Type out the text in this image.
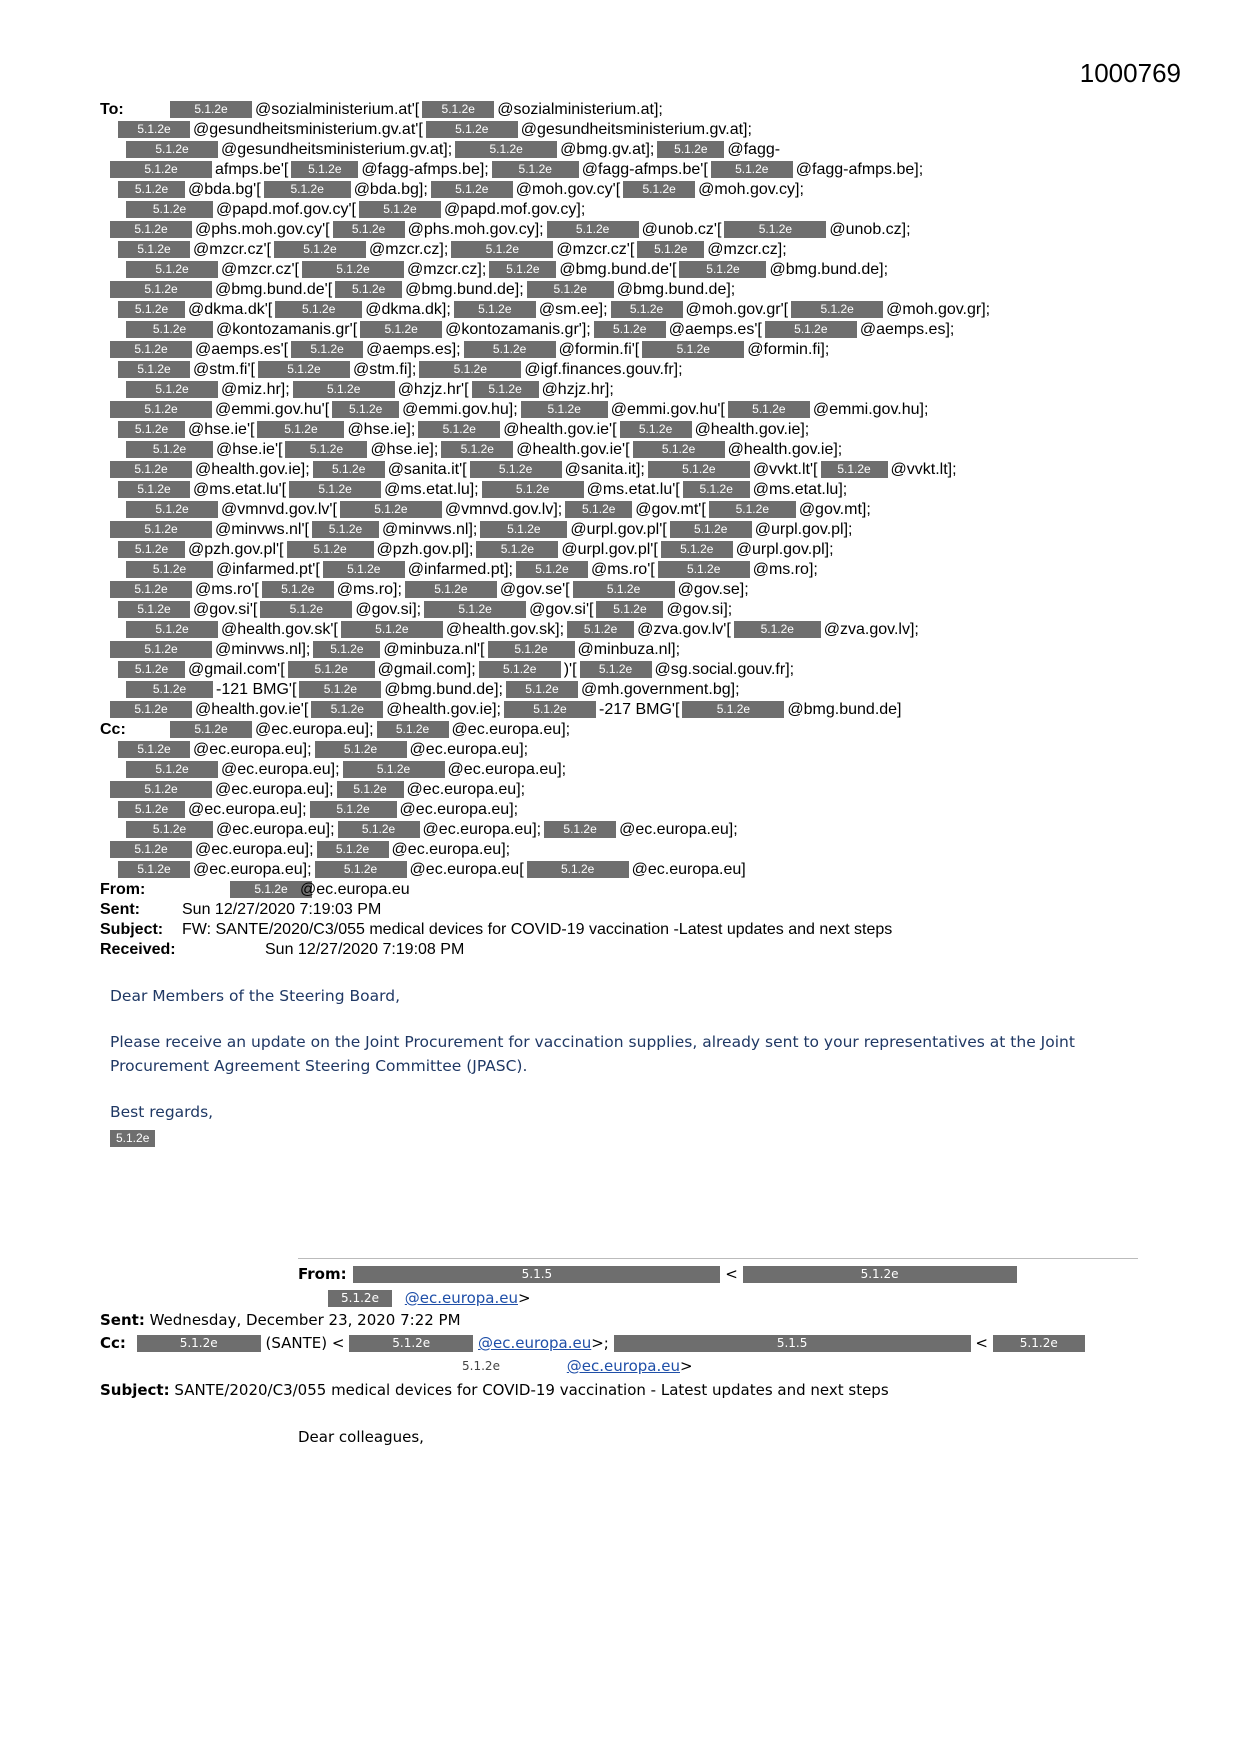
1000769
To:	5.1.2e @sozialministerium.at'[ 5.1.2e @sozialministerium.at];
5.1.2e @gesundheitsministerium.gv.at'[	5.1.2e @gesundheitsministerium.gv.at];
5.1.2e @gesundheitsministerium.gv.at];	5.1.2e @bmg.gv.at]; 5.1.2e @fagg-
5.1.2e afmps.be'[ 5.1.2e @fagg-afmps.be]; 5.1.2e @fagg-afmps.be'[ 5.1.2e @fagg-afmps.be];
5.1.2e @bda.bg'[ 5.1.2e @bda.bg]; 5.1.2e @moh.gov.cy'[ 5.1.2e @moh.gov.cy];
5.1.2e @papd.mof.gov.cy'[ 5.1.2e @papd.mof.gov.cy];
5.1.2e @phs.moh.gov.cy'[ 5.1.2e @phs.moh.gov.cy];	5.1.2e @unob.cz'[	5.1.2e @unob.cz];
5.1.2e @mzcr.cz'[	5.1.2e @mzcr.cz];	5.1.2e @mzcr.cz'[ 5.1.2e @mzcr.cz];
5.1.2e @mzcr.cz'[	5.1.2e @mzcr.cz]; 5.1.2e @bmg.bund.de'[ 5.1.2e @bmg.bund.de];
5.1.2e @bmg.bund.de'[ 5.1.2e @bmg.bund.de]; 5.1.2e @bmg.bund.de];
5.1.2e @dkma.dk'[ 5.1.2e @dkma.dk]; 5.1.2e @sm.ee]; 5.1.2e @moh.gov.gr'[	5.1.2e @moh.gov.gr];
5.1.2e @kontozamanis.gr'[ 5.1.2e @kontozamanis.gr']; 5.1.2e @aemps.es'[	5.1.2e @aemps.es];
5.1.2e @aemps.es'[ 5.1.2e @aemps.es];	5.1.2e @formin.fi'[	5.1.2e @formin.fi];
5.1.2e @stm.fi'[	5.1.2e @stm.fi];	5.1.2e @igf.finances.gouv.fr];
5.1.2e @miz.hr];	5.1.2e @hzjz.hr'[ 5.1.2e @hzjz.hr];
5.1.2e @emmi.gov.hu'[ 5.1.2e @emmi.gov.hu]; 5.1.2e @emmi.gov.hu'[ 5.1.2e @emmi.gov.hu];
5.1.2e @hse.ie'[ 5.1.2e @hse.ie]; 5.1.2e @health.gov.ie'[ 5.1.2e @health.gov.ie];
5.1.2e @hse.ie'[ 5.1.2e @hse.ie]; 5.1.2e @health.gov.ie'[	5.1.2e @health.gov.ie];
5.1.2e @health.gov.ie]; 5.1.2e @sanita.it'[	5.1.2e @sanita.it];	5.1.2e @vvkt.lt'[ 5.1.2e @vvkt.lt];
5.1.2e @ms.etat.lu'[	5.1.2e @ms.etat.lu];	5.1.2e @ms.etat.lu'[ 5.1.2e @ms.etat.lu];
5.1.2e @vmnvd.gov.lv'[	5.1.2e @vmnvd.gov.lv]; 5.1.2e @gov.mt'[ 5.1.2e @gov.mt];
5.1.2e @minvws.nl'[ 5.1.2e @minvws.nl]; 5.1.2e @urpl.gov.pl'[ 5.1.2e @urpl.gov.pl];
5.1.2e @pzh.gov.pl'[ 5.1.2e @pzh.gov.pl]; 5.1.2e @urpl.gov.pl'[ 5.1.2e @urpl.gov.pl];
5.1.2e @infarmed.pt'[ 5.1.2e @infarmed.pt]; 5.1.2e @ms.ro'[	5.1.2e @ms.ro];
5.1.2e @ms.ro'[ 5.1.2e @ms.ro];	5.1.2e @gov.se'[	5.1.2e @gov.se];
5.1.2e @gov.si'[	5.1.2e @gov.si];	5.1.2e @gov.si'[ 5.1.2e @gov.si];
5.1.2e @health.gov.sk'[	5.1.2e @health.gov.sk]; 5.1.2e @zva.gov.lv'[ 5.1.2e @zva.gov.lv];
5.1.2e @minvws.nl]; 5.1.2e @minbuza.nl'[ 5.1.2e @minbuza.nl];
5.1.2e @gmail.com'[ 5.1.2e @gmail.com]; 5.1.2e )'[ 5.1.2e @sg.social.gouv.fr];
5.1.2e -121 BMG'[ 5.1.2e @bmg.bund.de]; 5.1.2e @mh.government.bg];
5.1.2e @health.gov.ie'[ 5.1.2e @health.gov.ie];	5.1.2e -217 BMG'[	5.1.2e @bmg.bund.de]
Cc:	5.1.2e @ec.europa.eu]; 5.1.2e @ec.europa.eu];
5.1.2e @ec.europa.eu];	5.1.2e @ec.europa.eu];
5.1.2e @ec.europa.eu];	5.1.2e @ec.europa.eu];
5.1.2e @ec.europa.eu]; 5.1.2e @ec.europa.eu];
5.1.2e @ec.europa.eu]; 5.1.2e @ec.europa.eu];
5.1.2e @ec.europa.eu]; 5.1.2e @ec.europa.eu]; 5.1.2e @ec.europa.eu];
5.1.2e @ec.europa.eu]; 5.1.2e @ec.europa.eu];
5.1.2e @ec.europa.eu];	5.1.2e @ec.europa.eu[	5.1.2e @ec.europa.eu]
From:	5.1.2e @ec.europa.eu
Sent:	Sun 12/27/2020 7:19:03 PM
Subject: FW: SANTE/2020/C3/055 medical devices for COVID-19 vaccination -Latest updates and next steps
Received:	Sun 12/27/2020 7:19:08 PM
Dear Members of the Steering Board,
Please receive an update on the Joint Procurement for vaccination supplies, already sent to your representatives at the Joint Procurement Agreement Steering Committee (JPASC).
Best regards,
5.1.2e
From:	5.1.5	<	5.1.2e
5.1.2e @ec.europa.eu>
Sent: Wednesday, December 23, 2020 7:22 PM
Cc:	5.1.2e	(SANTE) <	5.1.2e	@ec.europa.eu>;	5.1.5	<	5.1.2e
5.1.2e	@ec.europa.eu>
Subject: SANTE/2020/C3/055 medical devices for COVID-19 vaccination - Latest updates and next steps
Dear colleagues,
